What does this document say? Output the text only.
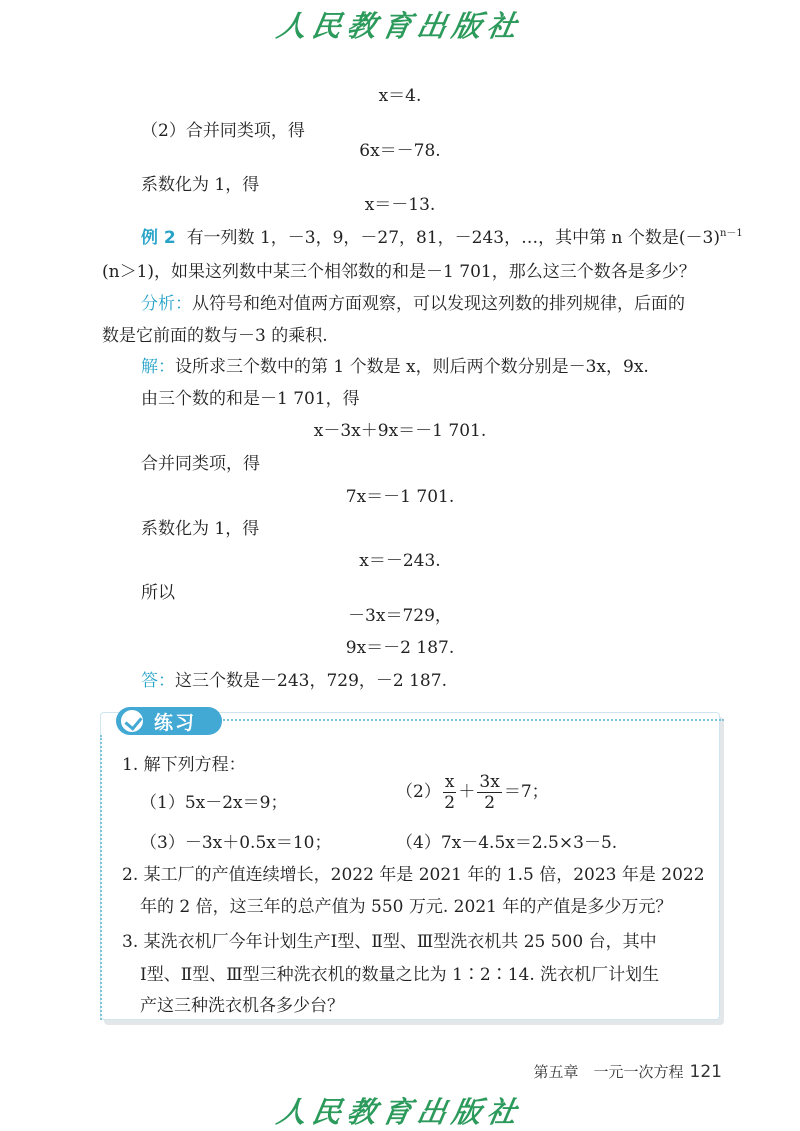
人民教育出版社
x＝4.
（2）合并同类项，得
6x＝－78.
系数化为 1，得
x＝－13.
例 2 有一列数 1，－3，9，－27，81，－243，…，其中第 n 个数是$(-3)^{n-1}$
(n＞1)，如果这列数中某三个相邻数的和是－1 701，那么这三个数各是多少？
分析：从符号和绝对值两方面观察，可以发现这列数的排列规律，后面的
数是它前面的数与－3 的乘积.
解：设所求三个数中的第 1 个数是 x，则后两个数分别是－3x，9x.
由三个数的和是－1 701，得
x－3x＋9x＝－1 701.
合并同类项，得
7x＝－1 701.
系数化为 1，得
x＝－243.
所以
－3x＝729，
9x＝－2 187.
答：这三个数是－243，729，－2 187.
练习
1. 解下列方程：
（1）5x－2x＝9；
$(2) \frac{x}{2} + \frac{3x}{2} =7$；
（3）－3x＋0.5x＝10；	（4）7x－4.5x＝2.5×3－5.
2. 某工厂的产值连续增长，2022 年是 2021 年的 1.5 倍，2023 年是 2022
年的 2 倍，这三年的总产值为 550 万元. 2021 年的产值是多少万元？
3. 某洗衣机厂今年计划生产Ⅰ型、Ⅱ型、Ⅲ型洗衣机共 25 500 台，其中
Ⅰ型、Ⅱ型、Ⅲ型三种洗衣机的数量之比为 1∶2∶14. 洗衣机厂计划生
产这三种洗衣机各多少台？
第五章　一元一次方程 121
人民教育出版社
